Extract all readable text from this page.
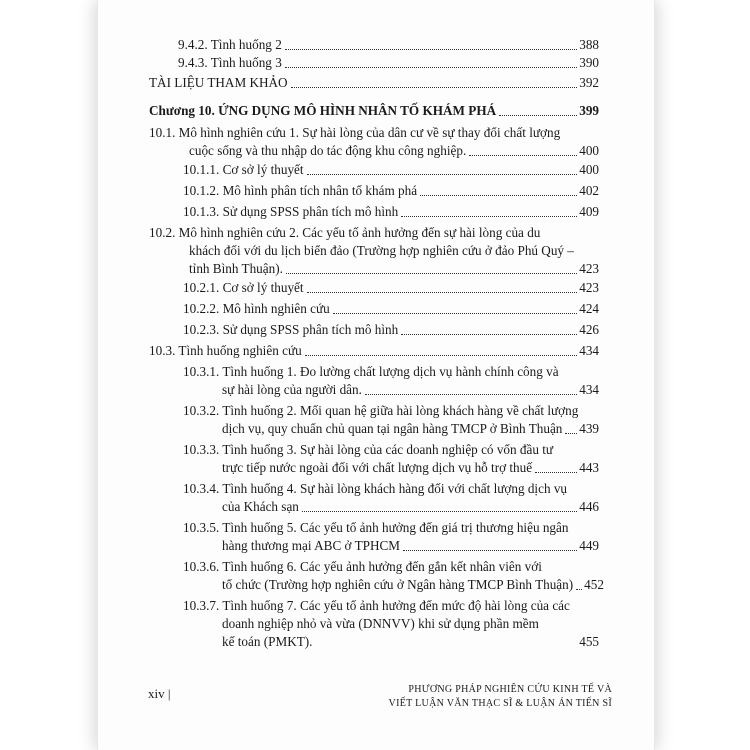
9.4.2. Tình huống 2	388
9.4.3. Tình huống 3	390
TÀI LIỆU THAM KHẢO	392
Chương 10. ỨNG DỤNG MÔ HÌNH NHÂN TỐ KHÁM PHÁ	399
10.1. Mô hình nghiên cứu 1. Sự hài lòng của dân cư về sự thay đổi chất lượng
cuộc sống và thu nhập do tác động khu công nghiệp.	400
10.1.1. Cơ sở lý thuyết	400
10.1.2. Mô hình phân tích nhân tố khám phá	402
10.1.3. Sử dụng SPSS phân tích mô hình	409
10.2. Mô hình nghiên cứu 2. Các yếu tố ảnh hưởng đến sự hài lòng của du
khách đối với du lịch biển đảo (Trường hợp nghiên cứu ở đảo Phú Quý –
tỉnh Bình Thuận).	423
10.2.1. Cơ sở lý thuyết	423
10.2.2. Mô hình nghiên cứu	424
10.2.3. Sử dụng SPSS phân tích mô hình	426
10.3. Tình huống nghiên cứu	434
10.3.1. Tình huống 1. Đo lường chất lượng dịch vụ hành chính công và
sự hài lòng của người dân.	434
10.3.2. Tình huống 2. Mối quan hệ giữa hài lòng khách hàng về chất lượng
dịch vụ, quy chuẩn chủ quan tại ngân hàng TMCP ở Bình Thuận 439
10.3.3. Tình huống 3. Sự hài lòng của các doanh nghiệp có vốn đầu tư
trực tiếp nước ngoài đối với chất lượng dịch vụ hỗ trợ thuế	443
10.3.4. Tình huống 4. Sự hài lòng khách hàng đối với chất lượng dịch vụ
của Khách sạn	446
10.3.5. Tình huống 5. Các yếu tố ảnh hưởng đến giá trị thương hiệu ngân
hàng thương mại ABC ở TPHCM	449
10.3.6. Tình huống 6. Các yếu ảnh hưởng đến gắn kết nhân viên với
tổ chức (Trường hợp nghiên cứu ở Ngân hàng TMCP Bình Thuận) 452
10.3.7. Tình huống 7. Các yếu tố ảnh hưởng đến mức độ hài lòng của các
doanh nghiệp nhỏ và vừa (DNNVV) khi sử dụng phần mềm
kế toán (PMKT).	455
xiv |	PHƯƠNG PHÁP NGHIÊN CỨU KINH TẾ VÀ
VIẾT LUẬN VĂN THẠC SĨ & LUẬN ÁN TIẾN SĨ
